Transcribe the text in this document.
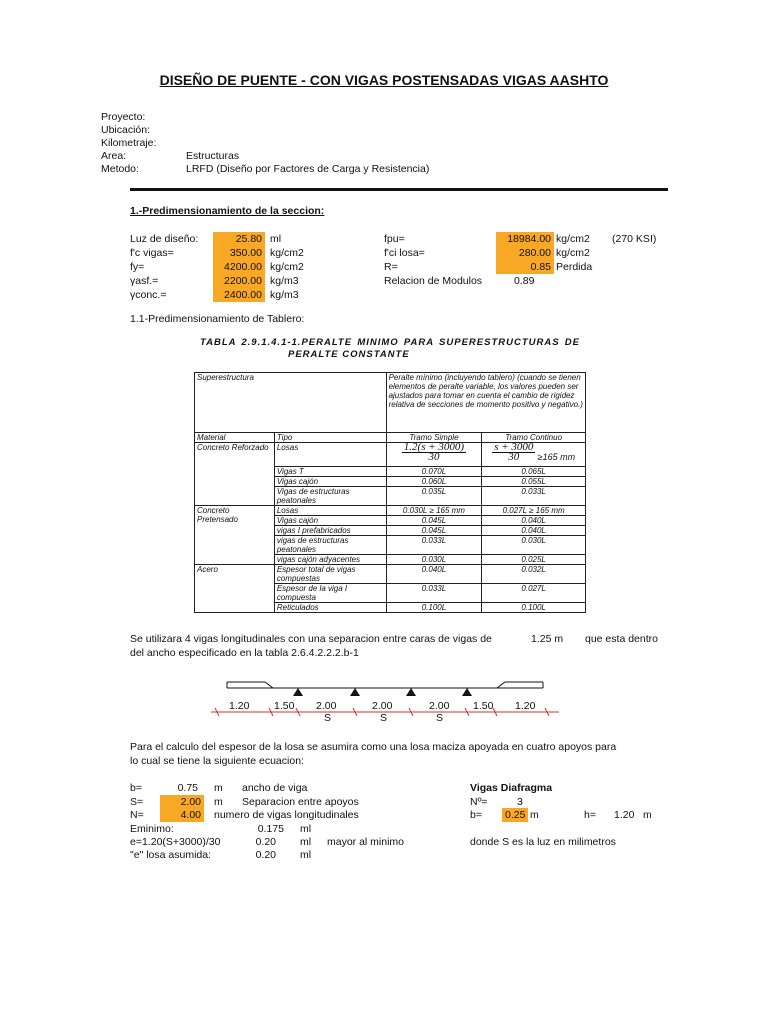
DISEÑO DE PUENTE - CON VIGAS POSTENSADAS VIGAS AASHTO
Proyecto:
Ubicación:
Kilometraje:
Area:	Estructuras
Metodo:	LRFD (Diseño por Factores de Carga y Resistencia)
1.-Predimensionamiento de la seccion:
Luz de diseño:	25.80 ml
f'c vigas=	350.00 kg/cm2
fy=	4200.00 kg/cm2
γasf.=	2200.00 kg/m3
γconc.=	2400.00 kg/m3
fpu=	18984.00 kg/cm2 (270 KSI)
f'ci losa=	280.00 kg/cm2
R=	0.85 Perdida
Relacion de Modulos	0.89
1.1-Predimensionamiento de Tablero:
TABLA 2.9.1.4.1-1.PERALTE MINIMO PARA SUPERESTRUCTURAS DE
PERALTE CONSTANTE
Superestructura		Peralte mínimo (incluyendo tablero) (cuando se tienen elementos de peralte variable, los valores pueden ser ajustados para tomar en cuenta el cambio de rigidez relativa de secciones de momento positivo y negativo.)	
Material	Tipo	Tramo Simple	Tramo Continuo
Concreto Reforzado	Losas	$\frac{1.2(s + 3000)}{30}$	$\frac{s + 3000}{30} \ge 165$ mm
	Vigas T	0.070L	0.065L
	Vigas cajón	0.060L	0.055L
	Vigas de estructuras peatonales	0.035L	0.033L
Concreto Pretensado	Losas	0.030L ≥ 165 mm	0.027L ≥ 165 mm
	Vigas cajón	0.045L	0.040L
	vigas I prefabricados	0.045L	0.040L
	vigas de estructuras peatonales	0.033L	0.030L
	vigas cajón adyacentes	0.030L	0.025L
Acero	Espesor total de vigas compuestas	0.040L	0.032L
	Espesor de la viga I compuesta	0.033L	0.027L
	Reticulados	0.100L	0.100L
Se utilizara 4 vigas longitudinales con una separacion entre caras de vigas de	1.25 m que esta dentro
del ancho especificado en la tabla 2.6.4.2.2.2.b-1
1.20 1.50 2.00	2.00	2.00 1.50 1.20
S	S	S
Para el calculo del espesor de la losa se asumira como una losa maciza apoyada en cuatro apoyos para
lo cual se tiene la siguiente ecuacion:
b=	0.75 m ancho de viga
S=	2.00 m Separacion entre apoyos
N=	4.00 numero de vigas longitudinales
Eminimo:	0.175 ml
e=1.20(S+3000)/30	0.20 ml mayor al minimo
"e" losa asumida:	0.20 ml
Vigas Diafragma
Nº=	3
b= 0.25 m	h= 1.20 m
donde S es la luz en milimetros
